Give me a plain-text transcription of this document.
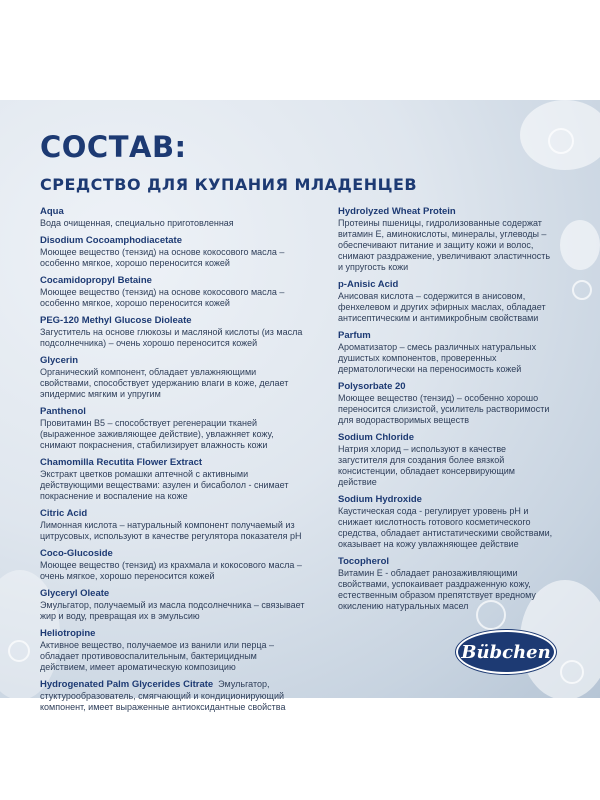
СОСТАВ:
СРЕДСТВО ДЛЯ КУПАНИЯ МЛАДЕНЦЕВ
Aqua
Вода очищенная, специально приготовленная
Disodium Cocoamphodiacetate
Моющее вещество (тензид) на основе кокосового масла –
особенно мягкое, хорошо переносится кожей
Cocamidopropyl Betaine
Моющее вещество (тензид) на основе кокосового масла –
особенно мягкое, хорошо переносится кожей
PEG-120 Methyl Glucose Dioleate
Загуститель на основе глюкозы и масляной кислоты (из масла
подсолнечника) – очень хорошо переносится кожей
Glycerin
Органический компонент, обладает увлажняющими
свойствами, способствует удержанию влаги в коже, делает
эпидермис мягким и упругим
Panthenol
Провитамин B5 – способствует регенерации тканей
(выраженное заживляющее действие), увлажняет кожу,
снимают покраснения, стабилизирует влажность кожи
Chamomilla Recutita Flower Extract
Экстракт цветков ромашки аптечной с активными
действующими веществами: азулен и бисаболол - снимает
покраснение и воспаление на коже
Citric Acid
Лимонная кислота – натуральный компонент получаемый из
цитрусовых, используют в качестве регулятора показателя pH
Coco-Glucoside
Моющее вещество (тензид) из крахмала и кокосового масла –
очень мягкое, хорошо переносится кожей
Glyceryl Oleate
Эмульгатор, получаемый из масла подсолнечника – связывает
жир и воду, превращая их в эмульсию
Heliotropine
Активное вещество, получаемое из ванили или перца –
обладает противовоспалительным, бактерицидным
действием, имеет ароматическую композицию
Hydrogenated Palm Glycerides Citrate Эмульгатор,
стуктурообразователь, смягчающий и кондиционирующий
компонент, имеет выраженные антиоксидантные свойства
Hydrolyzed Wheat Protein
Протеины пшеницы, гидролизованные содержат
витамин Е, аминокислоты, минералы, углеводы –
обеспечивают питание и защиту кожи и волос,
снимают раздражение, увеличивают эластичность
и упругость кожи
p-Anisic Acid
Анисовая кислота – содержится в анисовом,
фенхелевом и других эфирных маслах, обладает
антисептическим и антимикробным свойствами
Parfum
Ароматизатор – смесь различных натуральных
душистых компонентов, проверенных
дерматологически на переносимость кожей
Polysorbate 20
Моющее вещество (тензид) – особенно хорошо
переносится слизистой, усилитель растворимости
для водорастворимых веществ
Sodium Chloride
Натрия хлорид – используют в качестве
загустителя для создания более вязкой
консистенции, обладает консервирующим
действие
Sodium Hydroxide
Каустическая сода - регулирует уровень pH и
снижает кислотность готового косметического
средства, обладает антистатическими свойствами,
оказывает на кожу увлажняющее действие
Tocopherol
Витамин Е - обладает ранозаживляющими
свойствами, успокаивает раздраженную кожу,
естественным образом препятствует вредному
окислению натуральных масел
Bübchen
